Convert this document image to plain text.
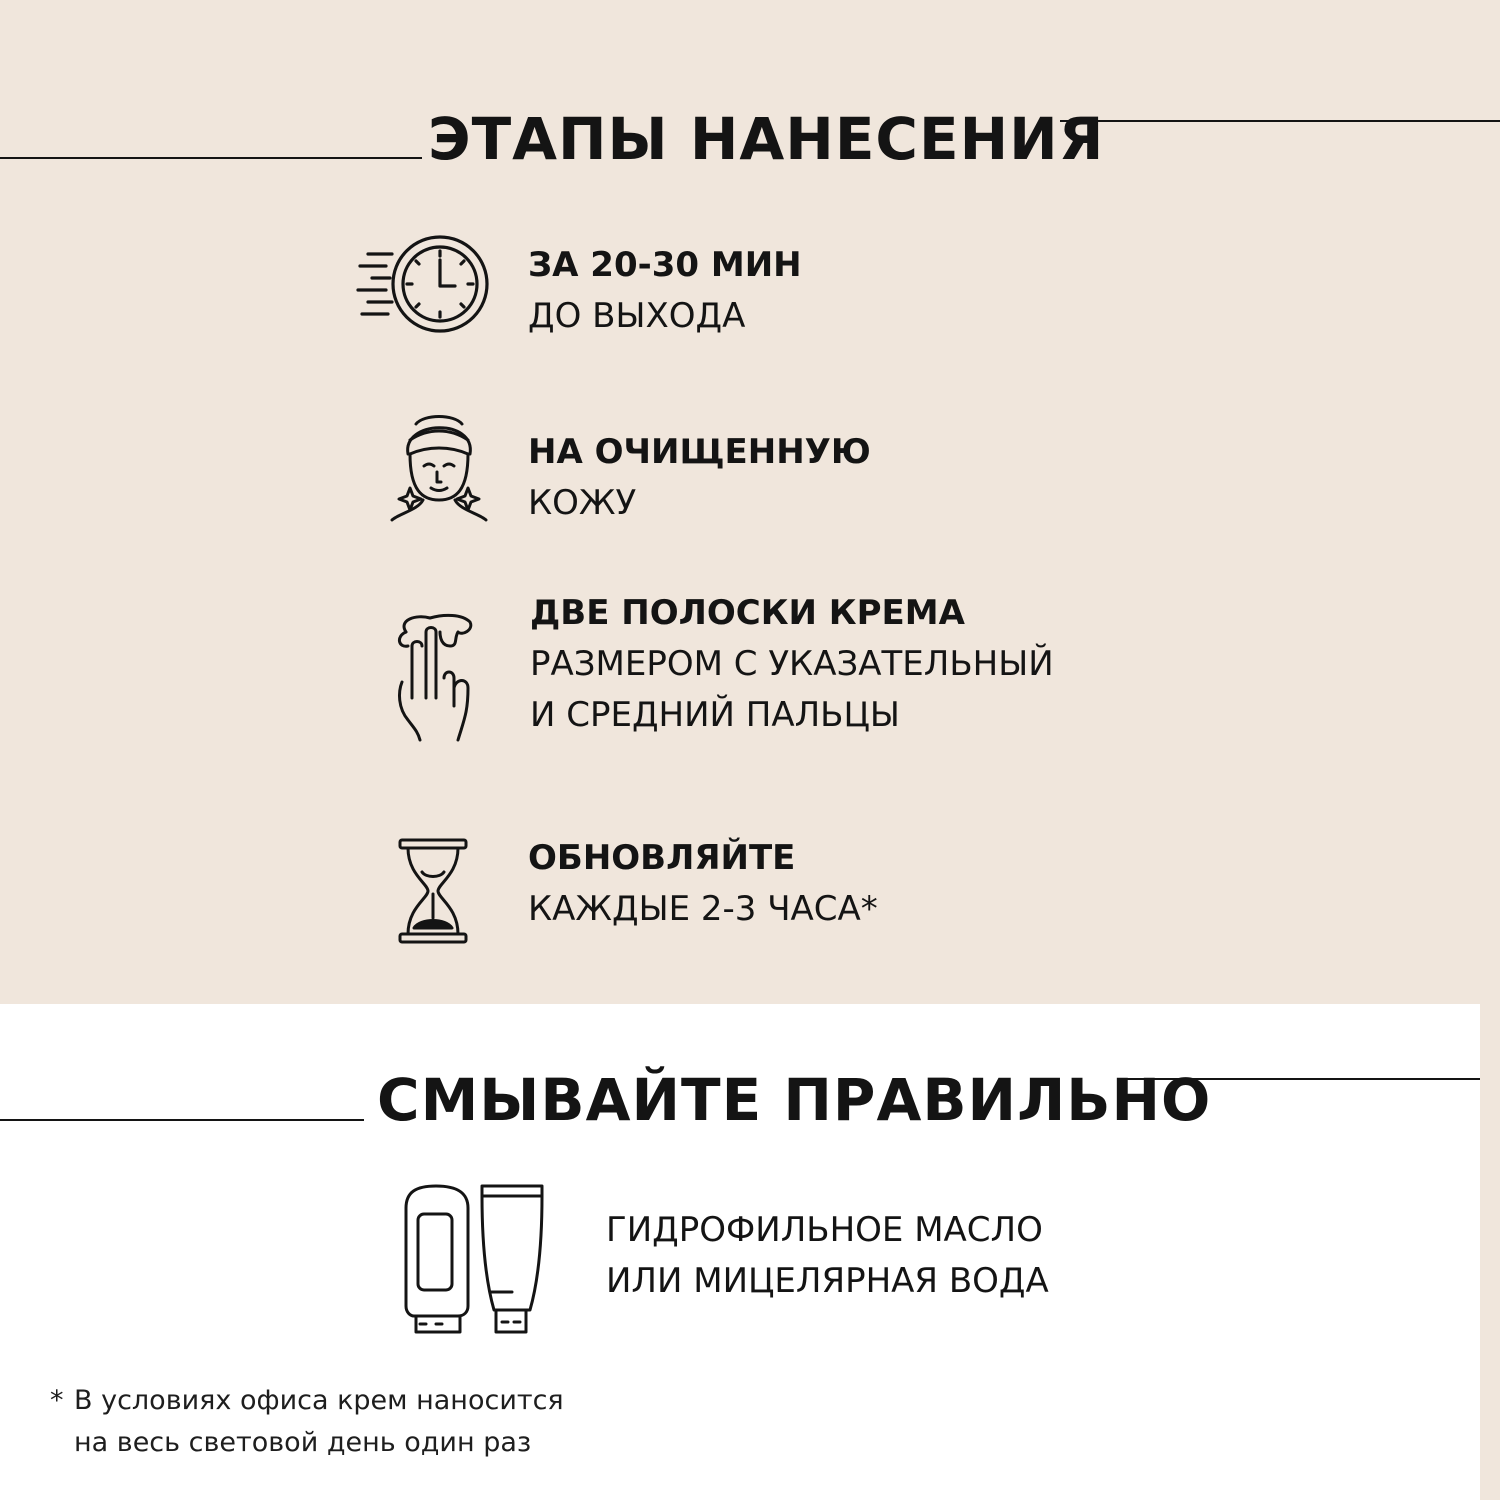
ЭТАПЫ НАНЕСЕНИЯ
ЗА 20-30 МИН
ДО ВЫХОДА
НА ОЧИЩЕННУЮ
КОЖУ
ДВЕ ПОЛОСКИ КРЕМА
РАЗМЕРОМ С УКАЗАТЕЛЬНЫЙ
И СРЕДНИЙ ПАЛЬЦЫ
ОБНОВЛЯЙТЕ
КАЖДЫЕ 2-3 ЧАСА*
СМЫВАЙТЕ ПРАВИЛЬНО
ГИДРОФИЛЬНОЕ МАСЛО
ИЛИ МИЦЕЛЯРНАЯ ВОДА
* В условиях офиса крем наносится
на весь световой день один раз
